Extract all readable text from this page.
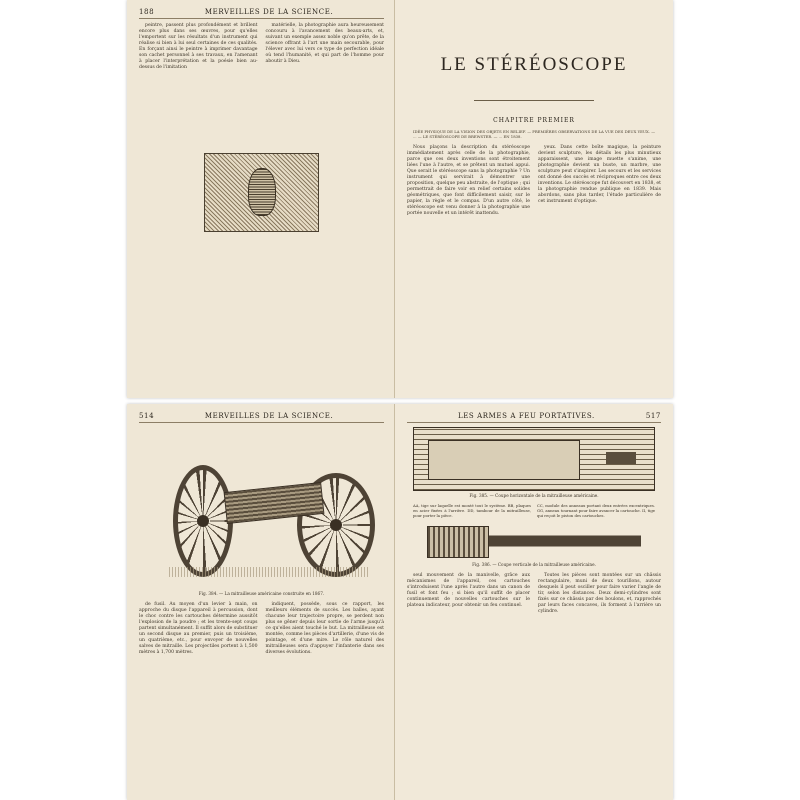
188	MERVEILLES DE LA SCIENCE.

peintre, passent plus profondément et brillent encore plus dans ses œuvres, pour qu'elles l'emportent sur les résultats d'un instrument qui réalise si bien à lui seul certaines de ces qualités. En forçant ainsi le peintre à imprimer davantage son cachet personnel à ses travaux, en l'amenant à placer l'interprétation et la poésie bien au-dessus de l'imitation

matérielle, la photographie aura heureusement concouru à l'avancement des beaux-arts, et, suivant un exemple assez noble qu'on prête, de la science offrant à l'art une main secourable, pour l'élever avec lui vers ce type de perfection idéale où tend l'humanité, et qui part de l'homme pour aboutir à Dieu.	LE STÉRÉOSCOPE
CHAPITRE PREMIER
IDÉE PHYSIQUE DE LA VISION DES OBJETS EN RELIEF. — PREMIÈRES OBSERVATIONS DE LA VUE DES DEUX YEUX. — ... — LE STÉRÉOSCOPE DE BREWSTER. — ... EN 1838.

Nous plaçons la description du stéréoscope immédiatement après celle de la photographie, parce que ces deux inventions sont étroitement liées l'une à l'autre, et se prêtent un mutuel appui. Que serait le stéréoscope sans la photographie ? Un instrument qui servirait à démontrer une proposition, quelque peu abstraite, de l'optique ; qui permettrait de faire voir en relief certains solides géométriques, que font difficilement saisir, sur le papier, la règle et le compas. D'un autre côté, le stéréoscope est venu donner à la photographie une portée nouvelle et un intérêt inattendu.

yeux. Dans cette boîte magique, la peinture devient sculpture, les détails les plus minutieux apparaissent, une image muette s'anime, une photographie devient un buste, un marbre, une sculpture peut s'inspirer. Les secours et les services ont donné des succès et réciproques entre ces deux inventions. Le stéréoscope fut découvert en 1838, et la photographie rendue publique en 1839. Mais abordons, sans plus tarder, l'étude particulière de cet instrument d'optique.

514	MERVEILLES DE LA SCIENCE.
Fig. 384. — La mitrailleuse américaine construite en 1867.

de fusil. Au moyen d'un levier à main, on approche du disque l'appareil à percussion, dont le choc contre les cartouches détermine aussitôt l'explosion de la poudre ; et les trente-sept coups partent simultanément. Il suffit alors de substituer un second disque au premier, puis un troisième, un quatrième, etc., pour envoyer de nouvelles salves de mitraille. Les projectiles portent à 1,500 mètres à 1,700 mètres.

indiquent, possède, sous ce rapport, les meilleurs éléments de succès. Les balles, ayant chacune leur trajectoire propre, se perdent non plus se gêner depuis leur sortie de l'arme jusqu'à ce qu'elles aient touché le but. La mitrailleuse est montée, comme les pièces d'artillerie, d'une vis de pointage, et d'une mire. Le rôle naturel des mitrailleuses sera d'appuyer l'infanterie dans ses diverses évolutions.

LES ARMES A FEU PORTATIVES.	517
Fig. 385. — Coupe horizontale de la mitrailleuse américaine.
AA, tige sur laquelle est monté tout le système. BB, plaques en acier fixées à l'arrière. DD, tambour de la mitrailleuse, pour porter la pièce.
CC, module des anneaux portant deux entrées excentriques. GG, anneau tournant pour faire avancer la cartouche. II, tige qui reçoit le piston des cartouches.
Fig. 386. — Coupe verticale de la mitrailleuse américaine.

seul mouvement de la manivelle, grâce aux mécanismes de l'appareil, ces cartouches s'introduisent l'une après l'autre dans un canon de fusil et font feu ; si bien qu'il suffit de placer continuement de nouvelles cartouches sur le plateau indicateur, pour obtenir un feu continuel.

Toutes les pièces sont montées sur un châssis rectangulaire, muni de deux tourillons, autour desquels il peut osciller pour faire varier l'angle de tir, selon les distances. Deux demi-cylindres sont fixés sur ce châssis par des boulons, et, rapprochés par leurs faces concaves, ils forment à l'arrière un cylindre.
